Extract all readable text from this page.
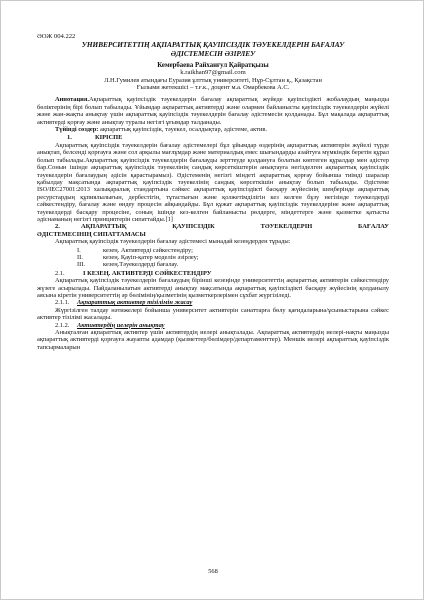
ӘОЖ 004.222
УНИВЕРСИТЕТТІҢ АҚПАРАТТЫҚ ҚАУІПСІЗДІК ТӘУЕКЕЛДЕРІН БАҒАЛАУ
ӘДІСТЕМЕСІН ӘЗІРЛЕУ
Кемербаева Райханғул Қайратқызы
k.raikhan97@gmail.com
Л.Н.Гумилев атындағы Еуразия ұлттық университеті, Нұр-Сұлтан қ., Қазақстан
Ғылыми жетекшісі – т.ғ.к., доцент м.а. Омарбекова А.С.

Аннотация.Ақпараттық қауіпсіздік тәуекелдерін бағалау ақпараттық жүйеде қауіпсіздікті жобалаудың маңызды бөліктерінің бірі болып табылады. Ұйымдар ақпараттық активтерді және олармен байланысты қауіпсіздік тәуекелдерін жүйелі және жан-жақты анықтау үшін ақпараттық қауіпсіздік тәуекелдерін бағалау әдістемесін қолданады. Бұл мақалада ақпараттық активтерді қорғау және анықтау туралы негізгі ұғымдар талданады.

Түйінді сөздер: ақпараттық қауіпсіздік, тәуекел, осалдықтар, әдістеме, актив.

1.	КІРІСПЕ

Ақпараттық қауіпсіздік тәуекелдерін бағалау әдістемелері бұл ұйымдар өздерінің ақпараттық активтерін жүйелі түрде анықтап, белсенді қорғауға және сол арқылы мағлұмдар және материалдық емес шығындарды азайтуға мүмкіндік беретін құрал болып табылады.Ақпараттық қауіпсіздік тәуекелдерін бағалауды зерттеуде қолдануға болатын көптеген құралдар мен әдістер бар.Сонын ішінде ақпараттық қауіпсіздік тәуекелінің сандық көрсеткіштерін анықтауға негізделген ақпараттық қауіпсіздік тәуекелдерін бағалаудың әдісін қарастырамыз). Әдістеменің негізгі міндеті ақпараттық қорғау бойынша тиімді шаралар қабылдау мақсатында ақпараттық қауіпсіздік тәуекелінің сандық көрсеткішін анықтау болып табылады. Әдістеме ISO/IEC27001:2013 халықаралық стандартына сәйкес ақпараттық қауіпсіздікті басқару жүйесінің шеңберінде ақпараттық ресурстардың құпиялылығын, дербестігін, тұтастығын және қолжетімділігін кез келген бұзу негізінде тәуекелдерді сәйкестендіру, бағалау және өндеу процесін айқындайды. Бұл құжат ақпараттық қауіпсіздік тәуекелдеріне және ақпараттық тәуекелдерді басқару процесіне, соның ішінде кез-келген байланысты рөлдерге, міндеттерге және қызметке қатысты әдіснаманың негізгі принциптерін сипаттайды.[1]

2.	АҚПАРАТТЫҚ ҚАУІПСІЗДІК ТӘУЕКЕЛДЕРІН БАҒАЛАУ
ӘДІСТЕМЕСІНІҢ СИПАТТАМАСЫ

Ақпараттық қауіпсіздік тәуекелдерін бағалау әдістемесі мынадай кезеңдерден тұрады:

I.	кезең. Активтерді сәйкестендіру;
II.	кезең. Қауіп-қатер моделін әзірлеу;
III.	кезең.Тәуекелдерді бағалау.
2.1.	І КЕЗЕҢ. АКТИВТЕРДІ СӘЙКЕСТЕНДІРУ

Ақпараттық қауіпсіздік тәуекелдерін бағалаудың бірінші кезеңінде университеттің ақпараттық активтерін сәйкестендіру жүзеге асырылады. Пайдаланылатын активтерді анықтау мақсатында ақпараттық қауіпсіздікті басқару жүйесінің қолданылу аясына кіретін университеттің әр бөлімінің/қызметінің қызметкерлерімен сұхбат жүргізіледі.

2.1.1. Ақпараттық активтер тізілімін жасау

Жүргізілген талдау нәтижелері бойынша университет активтерін санаттарға бөлу қағидаларына/ұсыныстарына сәйкес активтер тізілімі жасалады.

2.1.2. Активтердің иелерін анықтау

Анықталған ақпараттық активтер үшін активтердің иелері анықталады. Ақпараттық активтердің иелері-нақты маңызды ақпараттық активтерді қорғауға жауапты адамдар (қызметтер/бөлімдер/департаменттер). Меншік иелері ақпараттық қауіпсіздік тапсырмаларын

568
